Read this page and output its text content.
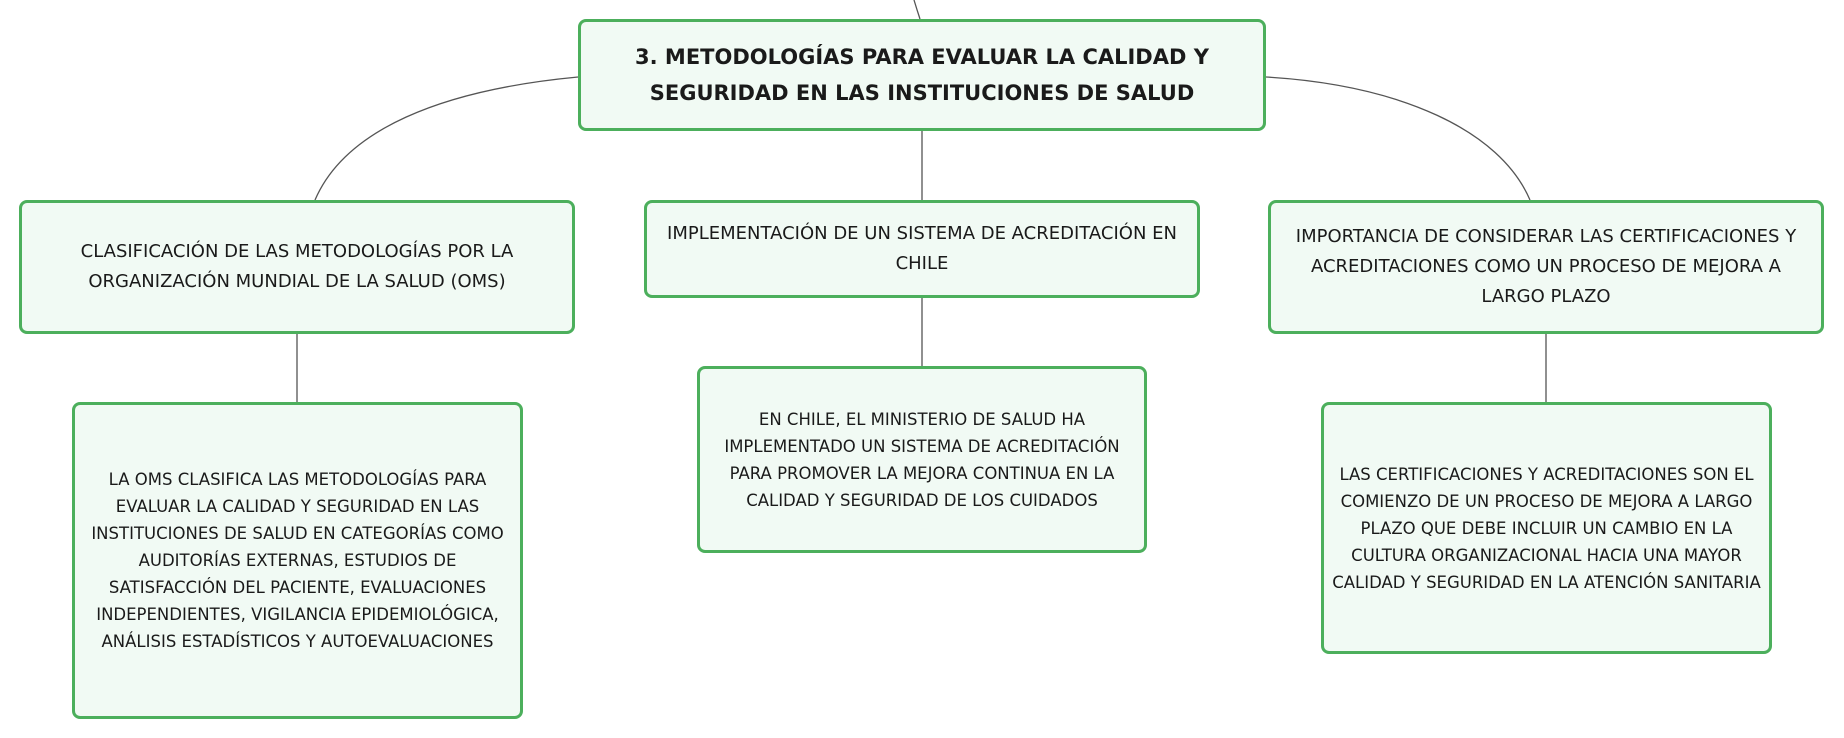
3. METODOLOGÍAS PARA EVALUAR LA CALIDAD Y SEGURIDAD EN LAS INSTITUCIONES DE SALUD
CLASIFICACIÓN DE LAS METODOLOGÍAS POR LA ORGANIZACIÓN MUNDIAL DE LA SALUD (OMS)
IMPLEMENTACIÓN DE UN SISTEMA DE ACREDITACIÓN EN CHILE
IMPORTANCIA DE CONSIDERAR LAS CERTIFICACIONES Y ACREDITACIONES COMO UN PROCESO DE MEJORA A LARGO PLAZO
LA OMS CLASIFICA LAS METODOLOGÍAS PARA EVALUAR LA CALIDAD Y SEGURIDAD EN LAS INSTITUCIONES DE SALUD EN CATEGORÍAS COMO AUDITORÍAS EXTERNAS, ESTUDIOS DE SATISFACCIÓN DEL PACIENTE, EVALUACIONES INDEPENDIENTES, VIGILANCIA EPIDEMIOLÓGICA, ANÁLISIS ESTADÍSTICOS Y AUTOEVALUACIONES
EN CHILE, EL MINISTERIO DE SALUD HA IMPLEMENTADO UN SISTEMA DE ACREDITACIÓN PARA PROMOVER LA MEJORA CONTINUA EN LA CALIDAD Y SEGURIDAD DE LOS CUIDADOS
LAS CERTIFICACIONES Y ACREDITACIONES SON EL COMIENZO DE UN PROCESO DE MEJORA A LARGO PLAZO QUE DEBE INCLUIR UN CAMBIO EN LA CULTURA ORGANIZACIONAL HACIA UNA MAYOR CALIDAD Y SEGURIDAD EN LA ATENCIÓN SANITARIA
